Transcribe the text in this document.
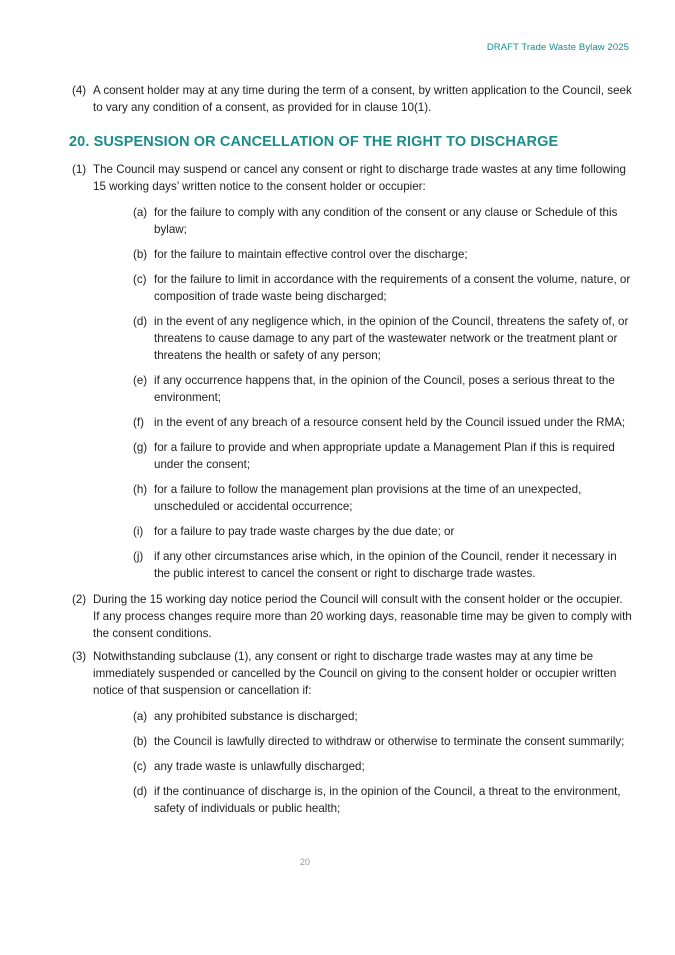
DRAFT Trade Waste Bylaw 2025
(4) A consent holder may at any time during the term of a consent, by written application to the Council, seek to vary any condition of a consent, as provided for in clause 10(1).
20. SUSPENSION OR CANCELLATION OF THE RIGHT TO DISCHARGE
(1) The Council may suspend or cancel any consent or right to discharge trade wastes at any time following 15 working days’ written notice to the consent holder or occupier:
(a) for the failure to comply with any condition of the consent or any clause or Schedule of this bylaw;
(b) for the failure to maintain effective control over the discharge;
(c) for the failure to limit in accordance with the requirements of a consent the volume, nature, or composition of trade waste being discharged;
(d) in the event of any negligence which, in the opinion of the Council, threatens the safety of, or threatens to cause damage to any part of the wastewater network or the treatment plant or threatens the health or safety of any person;
(e) if any occurrence happens that, in the opinion of the Council, poses a serious threat to the environment;
(f) in the event of any breach of a resource consent held by the Council issued under the RMA;
(g) for a failure to provide and when appropriate update a Management Plan if this is required under the consent;
(h) for a failure to follow the management plan provisions at the time of an unexpected, unscheduled or accidental occurrence;
(i) for a failure to pay trade waste charges by the due date; or
(j) if any other circumstances arise which, in the opinion of the Council, render it necessary in the public interest to cancel the consent or right to discharge trade wastes.
(2) During the 15 working day notice period the Council will consult with the consent holder or the occupier. If any process changes require more than 20 working days, reasonable time may be given to comply with the consent conditions.
(3) Notwithstanding subclause (1), any consent or right to discharge trade wastes may at any time be immediately suspended or cancelled by the Council on giving to the consent holder or occupier written notice of that suspension or cancellation if:
(a) any prohibited substance is discharged;
(b) the Council is lawfully directed to withdraw or otherwise to terminate the consent summarily;
(c) any trade waste is unlawfully discharged;
(d) if the continuance of discharge is, in the opinion of the Council, a threat to the environment, safety of individuals or public health;
20
